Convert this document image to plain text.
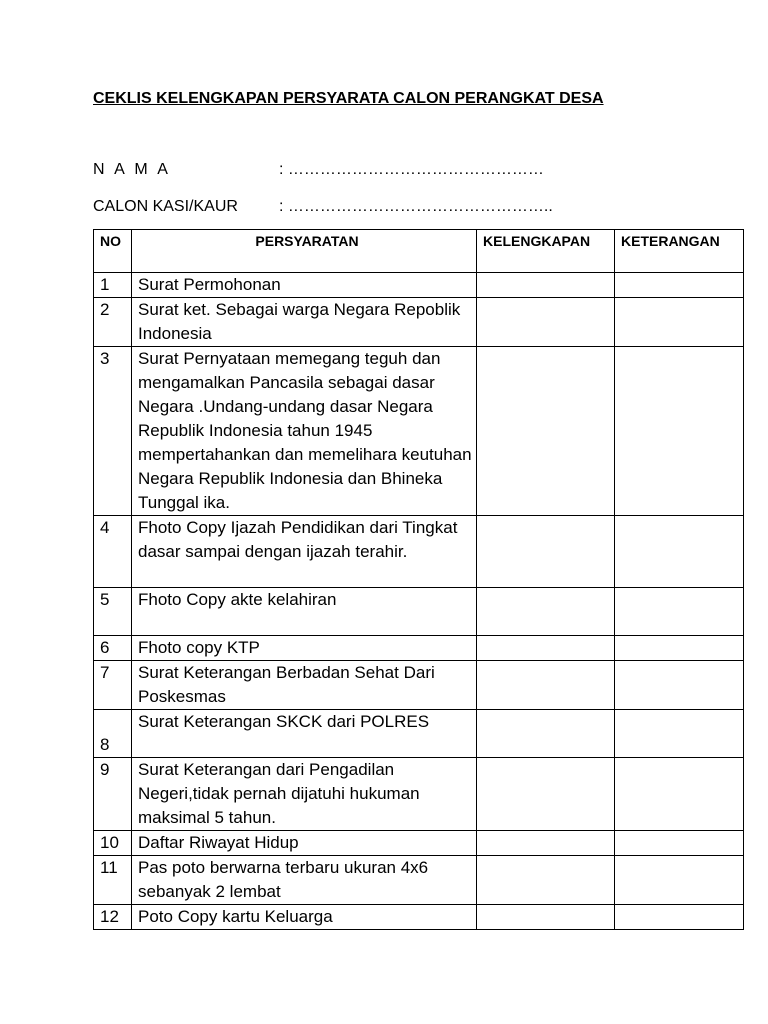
CEKLIS KELENGKAPAN PERSYARATA CALON PERANGKAT DESA
N A M A	: …………………………………………
CALON KASI/KAUR	: …………………………………………..
NO	PERSYARATAN	KELENGKAPAN	KETERANGAN
1	Surat Permohonan		
2	Surat ket. Sebagai warga Negara Repoblik Indonesia		
3	Surat Pernyataan memegang teguh dan mengamalkan Pancasila sebagai dasar Negara .Undang-undang dasar Negara Republik Indonesia tahun 1945 mempertahankan dan memelihara keutuhan Negara Republik Indonesia dan Bhineka Tunggal ika.		
4	Fhoto Copy Ijazah Pendidikan dari Tingkat dasar sampai dengan ijazah terahir.		
5	Fhoto Copy akte kelahiran		
6	Fhoto copy KTP		
7	Surat Keterangan Berbadan Sehat Dari Poskesmas		
8	Surat Keterangan SKCK dari POLRES		
9	Surat Keterangan dari Pengadilan Negeri,tidak pernah dijatuhi hukuman maksimal 5 tahun.		
10	Daftar Riwayat Hidup		
11	Pas poto berwarna terbaru ukuran 4x6 sebanyak 2 lembat		
12	Poto Copy kartu Keluarga		
